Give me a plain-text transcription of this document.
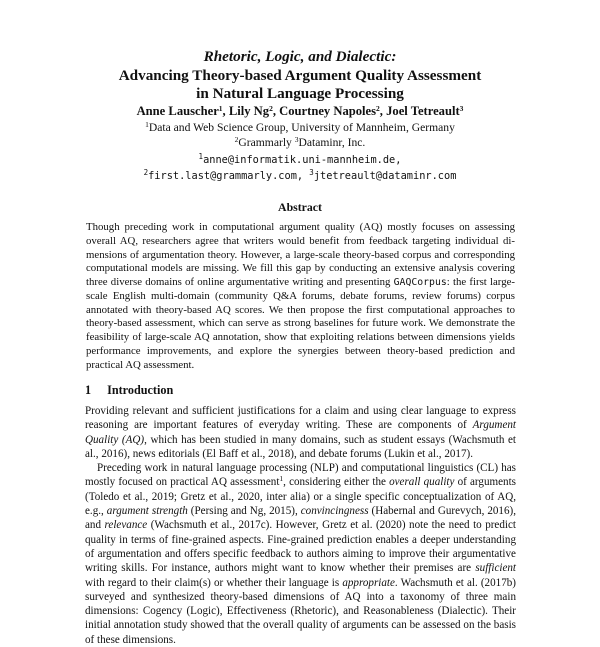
Rhetoric, Logic, and Dialectic:
Advancing Theory-based Argument Quality Assessment
in Natural Language Processing
Anne Lauscher$^1$, Lily Ng$^2$, Courtney Napoles$^2$, Joel Tetreault$^3$
$^1$Data and Web Science Group, University of Mannheim, Germany
$^2$Grammarly $^3$Dataminr, Inc.
$^1$anne@informatik.uni-mannheim.de,
$^2$first.last@grammarly.com, $^3$jtetreault@dataminr.com
Abstract
Though preceding work in computational argument quality (AQ) mostly focuses on assessing overall AQ, researchers agree that writers would benefit from feedback targeting individual dimensions of argumentation theory. However, a large-scale theory-based corpus and corresponding computational models are missing. We fill this gap by conducting an extensive analysis covering three diverse domains of online argumentative writing and presenting GAQCorpus: the first large-scale English multi-domain (community Q&A forums, debate forums, review forums) corpus annotated with theory-based AQ scores. We then propose the first computational approaches to theory-based assessment, which can serve as strong baselines for future work. We demonstrate the feasibility of large-scale AQ annotation, show that exploiting relations between dimensions yields performance improvements, and explore the synergies between theory-based prediction and practical AQ assessment.
1 Introduction

Providing relevant and sufficient justifications for a claim and using clear language to express reasoning are important features of everyday writing. These are components of Argument Quality (AQ), which has been studied in many domains, such as student essays (Wachsmuth et al., 2016), news editorials (El Baff et al., 2018), and debate forums (Lukin et al., 2017).

Preceding work in natural language processing (NLP) and computational linguistics (CL) has mostly focused on practical AQ assessment$^1$, considering either the overall quality of arguments (Toledo et al., 2019; Gretz et al., 2020, inter alia) or a single specific conceptualization of AQ, e.g., argument strength (Persing and Ng, 2015), convincingness (Habernal and Gurevych, 2016), and relevance (Wachsmuth et al., 2017c). However, Gretz et al. (2020) note the need to predict quality in terms of fine-grained aspects. Fine-grained prediction enables a deeper understanding of argumentation and offers specific feedback to authors aiming to improve their argumentative writing skills. For instance, authors might want to know whether their premises are sufficient with regard to their claim(s) or whether their language is appropriate. Wachsmuth et al. (2017b) surveyed and synthesized theory-based dimensions of AQ into a taxonomy of three main dimensions: Cogency (Logic), Effectiveness (Rhetoric), and Reasonableness (Dialectic). Their initial annotation study showed that the overall quality of arguments can be assessed on the basis of these dimensions.
